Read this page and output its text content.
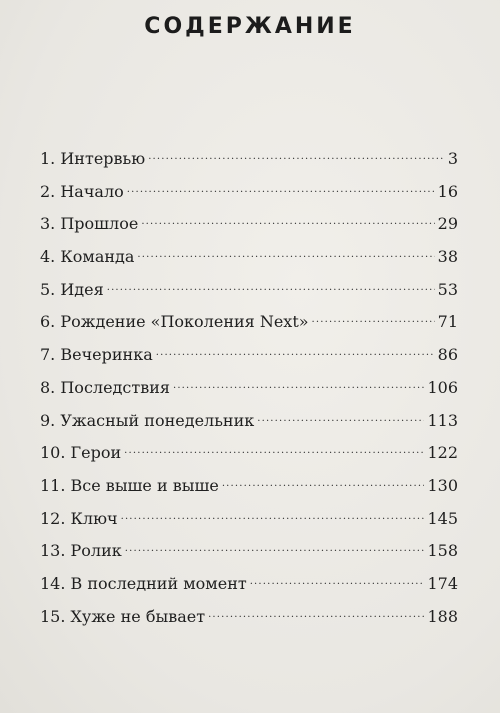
СОДЕРЖАНИЕ
1. Интервью . . .	3
2. Начало . . .	16
3. Прошлое . . .	29
4. Команда . . .	38
5. Идея . . .	53
6. Рождение «Поколения Next» . . .	71
7. Вечеринка . . .	86
8. Последствия . . .	106
9. Ужасный понедельник . . .	113
10. Герои . . .	122
11. Все выше и выше . . .	130
12. Ключ . . .	145
13. Ролик . . .	158
14. В последний момент . . .	174
15. Хуже не бывает . . .	188
